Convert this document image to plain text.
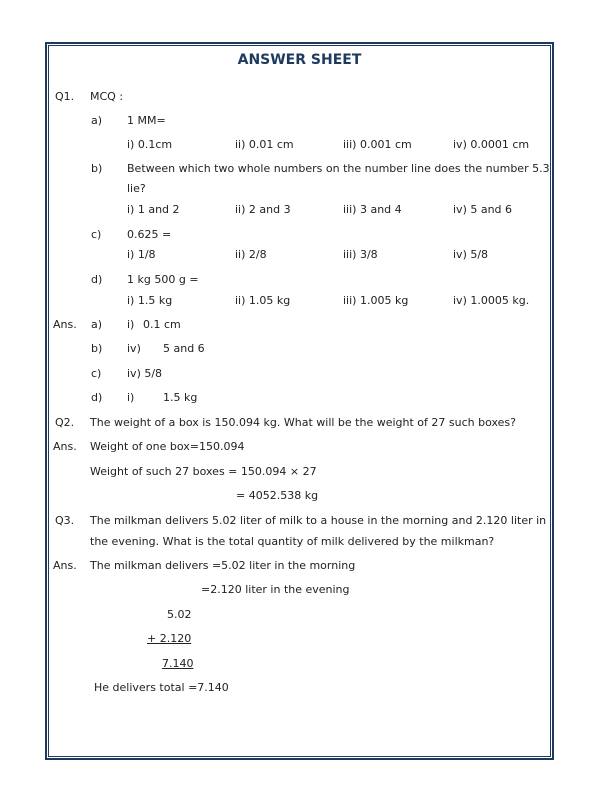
ANSWER SHEET
Q1. MCQ :
a) 1 MM=
i) 0.1cm	ii) 0.01 cm	iii) 0.001 cm	iv) 0.0001 cm
b) Between which two whole numbers on the number line does the number 5.3
lie?
i) 1 and 2	ii) 2 and 3	iii) 3 and 4	iv) 5 and 6
c) 0.625 =
i) 1/8	ii) 2/8	iii) 3/8	iv) 5/8
d) 1 kg 500 g =
i) 1.5 kg	ii) 1.05 kg	iii) 1.005 kg	iv) 1.0005 kg.
Ans. a) i) 0.1 cm
b) iv) 5 and 6
c) iv) 5/8
d) i)	1.5 kg
Q2. The weight of a box is 150.094 kg. What will be the weight of 27 such boxes?
Ans. Weight of one box=150.094
Weight of such 27 boxes = 150.094 × 27
= 4052.538 kg
Q3. The milkman delivers 5.02 liter of milk to a house in the morning and 2.120 liter in
the evening. What is the total quantity of milk delivered by the milkman?
Ans. The milkman delivers =5.02 liter in the morning
=2.120 liter in the evening
5.02
+ 2.120
7.140
He delivers total =7.140
